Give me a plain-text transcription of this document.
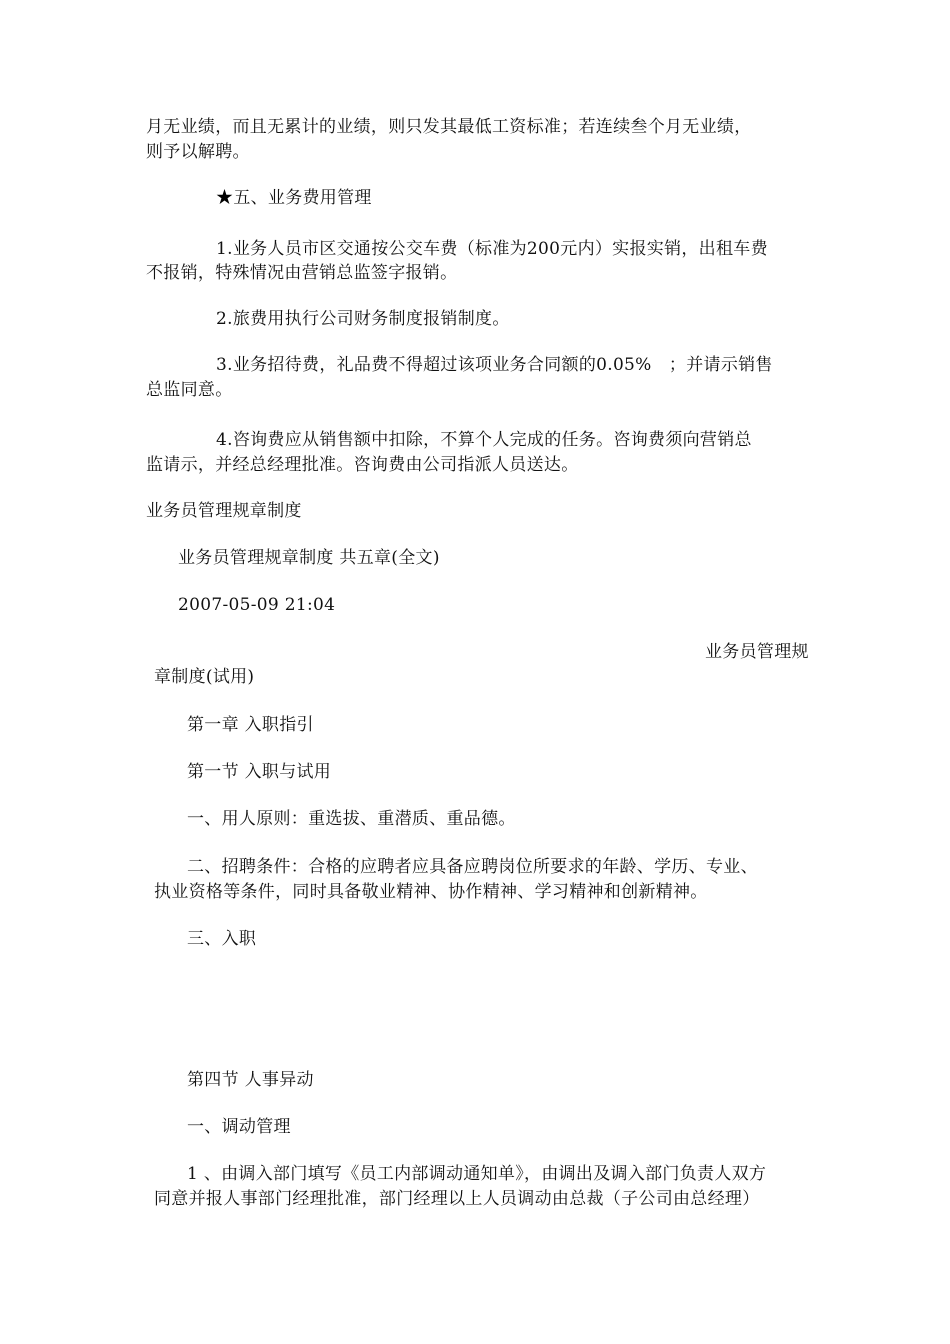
月无业绩，而且无累计的业绩，则只发其最低工资标准；若连续叁个月无业绩，
则予以解聘。
★五、业务费用管理
1.业务人员市区交通按公交车费（标准为200元内）实报实销，出租车费
不报销，特殊情况由营销总监签字报销。
2.旅费用执行公司财务制度报销制度。
3.业务招待费，礼品费不得超过该项业务合同额的0.05%　；并请示销售
总监同意。
4.咨询费应从销售额中扣除，不算个人完成的任务。咨询费须向营销总
监请示，并经总经理批准。咨询费由公司指派人员送达。
业务员管理规章制度
业务员管理规章制度 共五章(全文)
2007-05-09 21:04
业务员管理规
章制度(试用)
第一章 入职指引
第一节 入职与试用
一、用人原则：重选拔、重潜质、重品德。
二、招聘条件：合格的应聘者应具备应聘岗位所要求的年龄、学历、专业、
执业资格等条件，同时具备敬业精神、协作精神、学习精神和创新精神。
三、入职
第四节 人事异动
一、调动管理
1 、由调入部门填写《员工内部调动通知单》，由调出及调入部门负责人双方
同意并报人事部门经理批准，部门经理以上人员调动由总裁（子公司由总经理）
